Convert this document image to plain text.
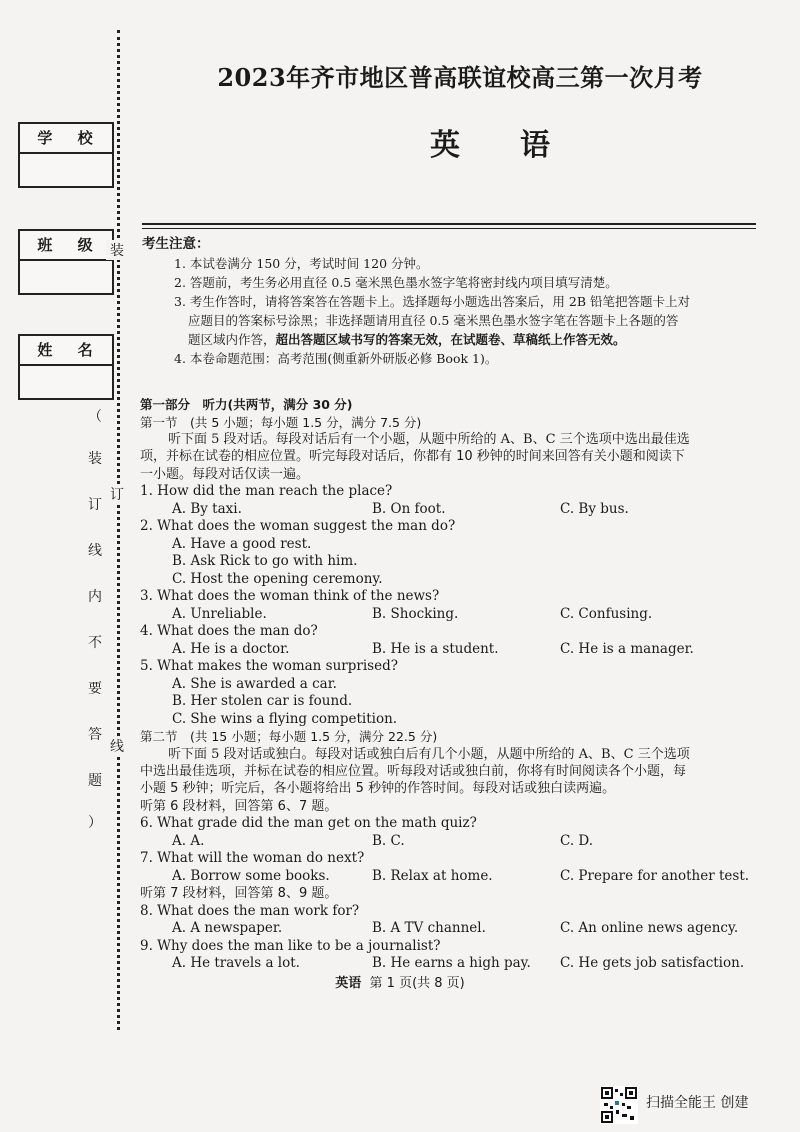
学 校
班 级
姓 名
装
订
线
（
装
订
线
内
不
要
答
题
）
2023年齐市地区普高联谊校高三第一次月考
英语
考生注意：
1. 本试卷满分 150 分，考试时间 120 分钟。
2. 答题前，考生务必用直径 0.5 毫米黑色墨水签字笔将密封线内项目填写清楚。
3. 考生作答时，请将答案答在答题卡上。选择题每小题选出答案后，用 2B 铅笔把答题卡上对
应题目的答案标号涂黑；非选择题请用直径 0.5 毫米黑色墨水签字笔在答题卡上各题的答
题区域内作答，超出答题区域书写的答案无效，在试题卷、草稿纸上作答无效。
4. 本卷命题范围：高考范围(侧重新外研版必修 Book 1)。
第一部分　听力(共两节，满分 30 分)
第一节　(共 5 小题；每小题 1.5 分，满分 7.5 分)
听下面 5 段对话。每段对话后有一个小题，从题中所给的 A、B、C 三个选项中选出最佳选
项，并标在试卷的相应位置。听完每段对话后，你都有 10 秒钟的时间来回答有关小题和阅读下
一小题。每段对话仅读一遍。
1. How did the man reach the place?
A. By taxi.	B. On foot.	C. By bus.
2. What does the woman suggest the man do?
A. Have a good rest.
B. Ask Rick to go with him.
C. Host the opening ceremony.
3. What does the woman think of the news?
A. Unreliable.	B. Shocking.	C. Confusing.
4. What does the man do?
A. He is a doctor.	B. He is a student.	C. He is a manager.
5. What makes the woman surprised?
A. She is awarded a car.
B. Her stolen car is found.
C. She wins a flying competition.
第二节　(共 15 小题；每小题 1.5 分，满分 22.5 分)
听下面 5 段对话或独白。每段对话或独白后有几个小题，从题中所给的 A、B、C 三个选项
中选出最佳选项，并标在试卷的相应位置。听每段对话或独白前，你将有时间阅读各个小题，每
小题 5 秒钟；听完后，各小题将给出 5 秒钟的作答时间。每段对话或独白读两遍。
听第 6 段材料，回答第 6、7 题。
6. What grade did the man get on the math quiz?
A. A.	B. C.	C. D.
7. What will the woman do next?
A. Borrow some books.	B. Relax at home.	C. Prepare for another test.
听第 7 段材料，回答第 8、9 题。
8. What does the man work for?
A. A newspaper.	B. A TV channel.	C. An online news agency.
9. Why does the man like to be a journalist?
A. He travels a lot.	B. He earns a high pay. C. He gets job satisfaction.
英语 第 1 页(共 8 页)
扫描全能王 创建
